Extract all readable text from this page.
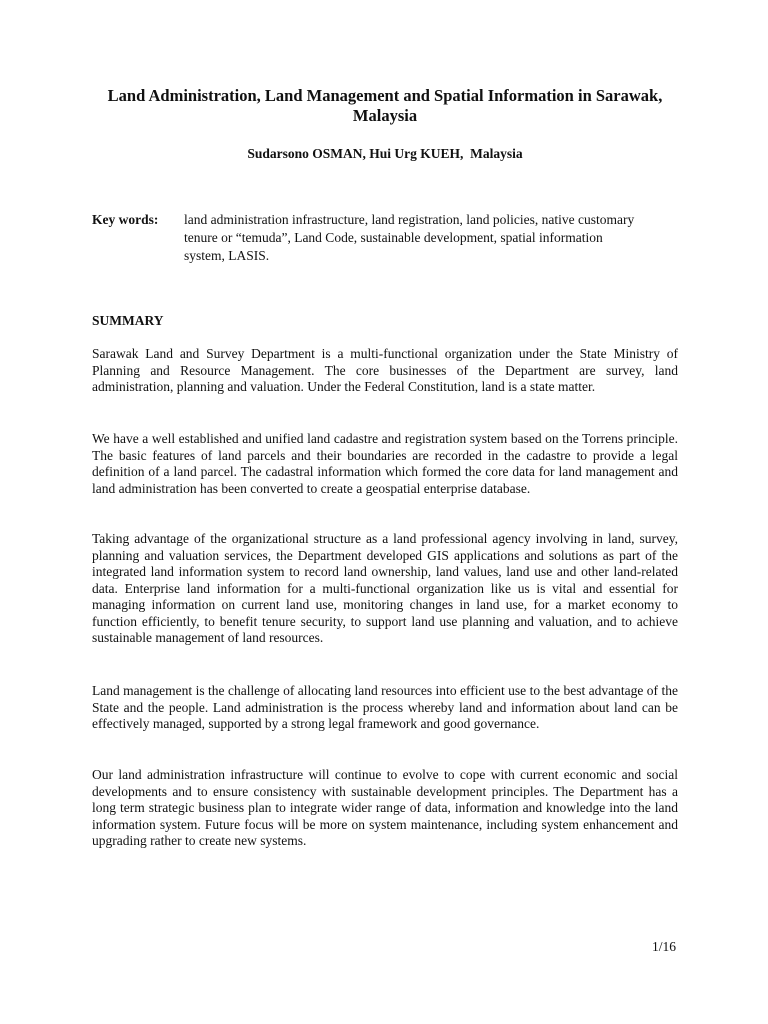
Land Administration, Land Management and Spatial Information in Sarawak, Malaysia
Sudarsono OSMAN, Hui Urg KUEH,  Malaysia
Key words: land administration infrastructure, land registration, land policies, native customary tenure or “temuda”, Land Code, sustainable development, spatial information system, LASIS.
SUMMARY

Sarawak Land and Survey Department is a multi-functional organization under the State Ministry of Planning and Resource Management. The core businesses of the Department are survey, land administration, planning and valuation. Under the Federal Constitution, land is a state matter.

We have a well established and unified land cadastre and registration system based on the Torrens principle. The basic features of land parcels and their boundaries are recorded in the cadastre to provide a legal definition of a land parcel. The cadastral information which formed the core data for land management and land administration has been converted to create a geospatial enterprise database.

Taking advantage of the organizational structure as a land professional agency involving in land, survey, planning and valuation services, the Department developed GIS applications and solutions as part of the integrated land information system to record land ownership, land values, land use and other land-related data. Enterprise land information for a multi-functional organization like us is vital and essential for managing information on current land use, monitoring changes in land use, for a market economy to function efficiently, to benefit tenure security, to support land use planning and valuation, and to achieve sustainable management of land resources.

Land management is the challenge of allocating land resources into efficient use to the best advantage of the State and the people. Land administration is the process whereby land and information about land can be effectively managed, supported by a strong legal framework and good governance.

Our land administration infrastructure will continue to evolve to cope with current economic and social developments and to ensure consistency with sustainable development principles. The Department has a long term strategic business plan to integrate wider range of data, information and knowledge into the land information system. Future focus will be more on system maintenance, including system enhancement and upgrading rather to create new systems.

1/16
